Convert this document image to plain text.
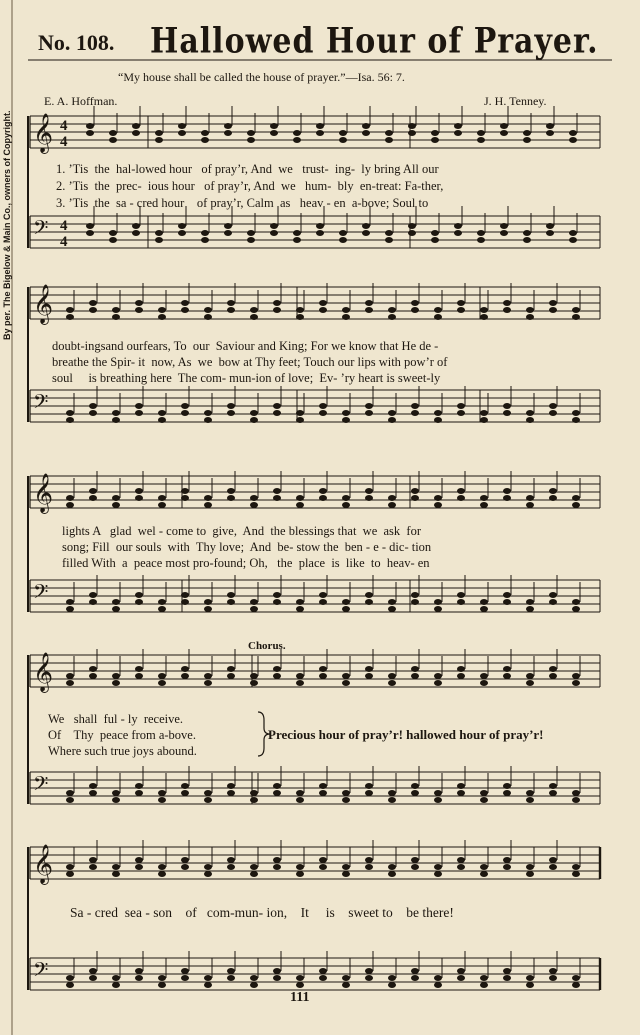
𝄞 4
4
𝄢 4
4
𝄞
𝄢
𝄞
𝄢
𝄞
𝄢
𝄞
𝄢
No. 108. Hallowed Hour of Prayer.
“My house shall be called the house of prayer.”—Isa. 56: 7.
E. A. Hoffman.	J. H. Tenney.
By per. The Bigelow & Main Co., owners of Copyright.	1. ’Tis  the  hal-lowed hour   of pray’r, And  we   trust-  ing-  ly bring All our
2. ’Tis  the  prec-  ious hour   of pray’r, And  we   hum-  bly  en-treat: Fa-ther,
3. ’Tis  the  sa - cred hour    of pray’r, Calm  as   heav - en  a-bove; Soul to
doubt-ingsand ourfears, To  our  Saviour and King; For we know that He de -
breathe the Spir- it  now, As  we  bow at Thy feet; Touch our lips with pow’r of
soul     is breathing here  The com- mun-ion of love;  Ev- ’ry heart is sweet-ly
lights A   glad  wel - come to  give,  And  the blessings that  we  ask  for
song; Fill  our souls  with  Thy love;  And  be- stow the  ben - e - dic- tion
filled With  a  peace most pro-found; Oh,   the  place  is  like  to  heav- en
Chorus.
We   shall  ful - ly  receive.
Of    Thy  peace from a-bove.
Where such true joys abound.
Precious hour of pray’r! hallowed hour of pray’r!
Sa - cred  sea - son    of   com-mun- ion,    It     is    sweet to    be there!
111
